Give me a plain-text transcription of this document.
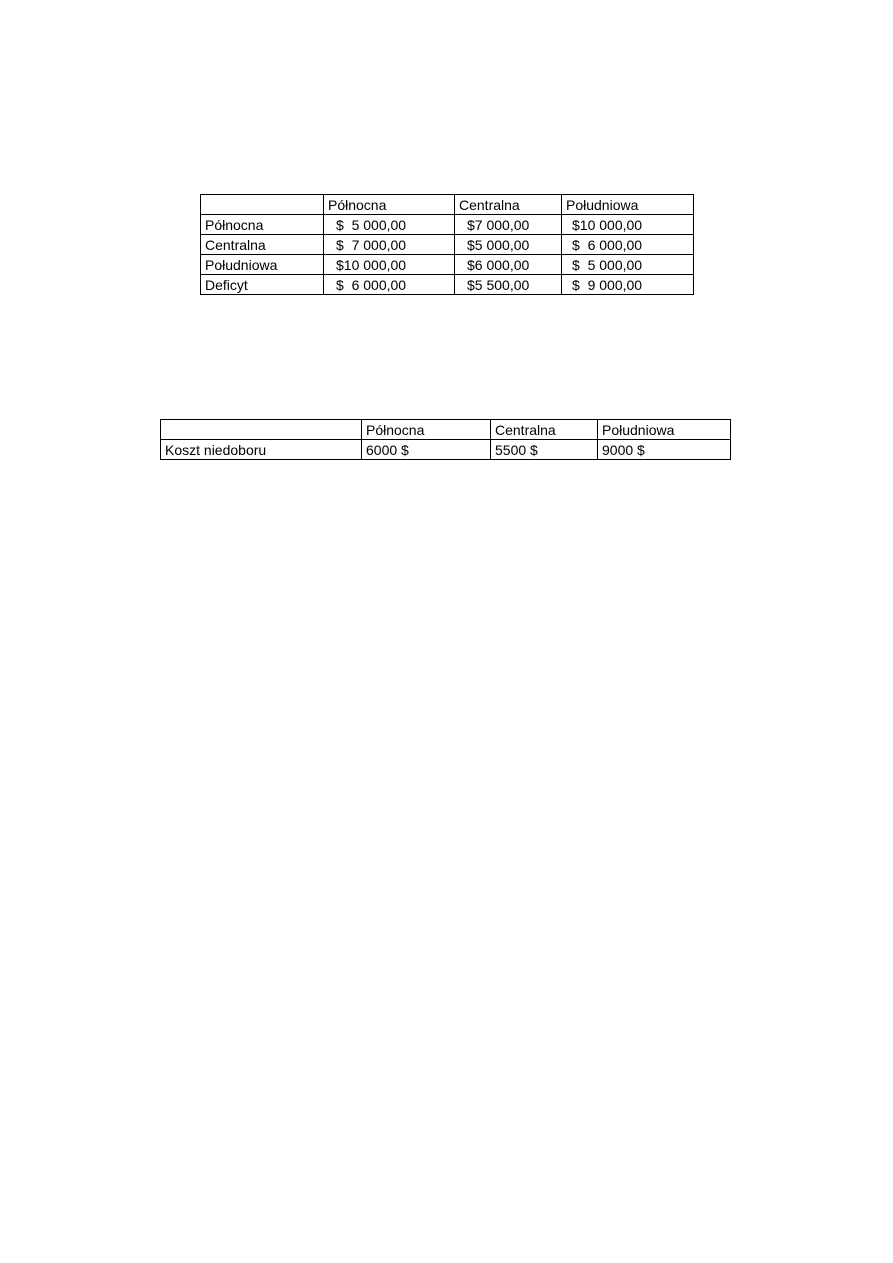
	Północna	Centralna	Południowa
Północna	$  5 000,00	$7 000,00	$10 000,00
Centralna	$  7 000,00	$5 000,00	$  6 000,00
Południowa	$10 000,00	$6 000,00	$  5 000,00
Deficyt	$  6 000,00	$5 500,00	$  9 000,00
	Północna	Centralna	Południowa
Koszt niedoboru	6000 $	5500 $	9000 $
